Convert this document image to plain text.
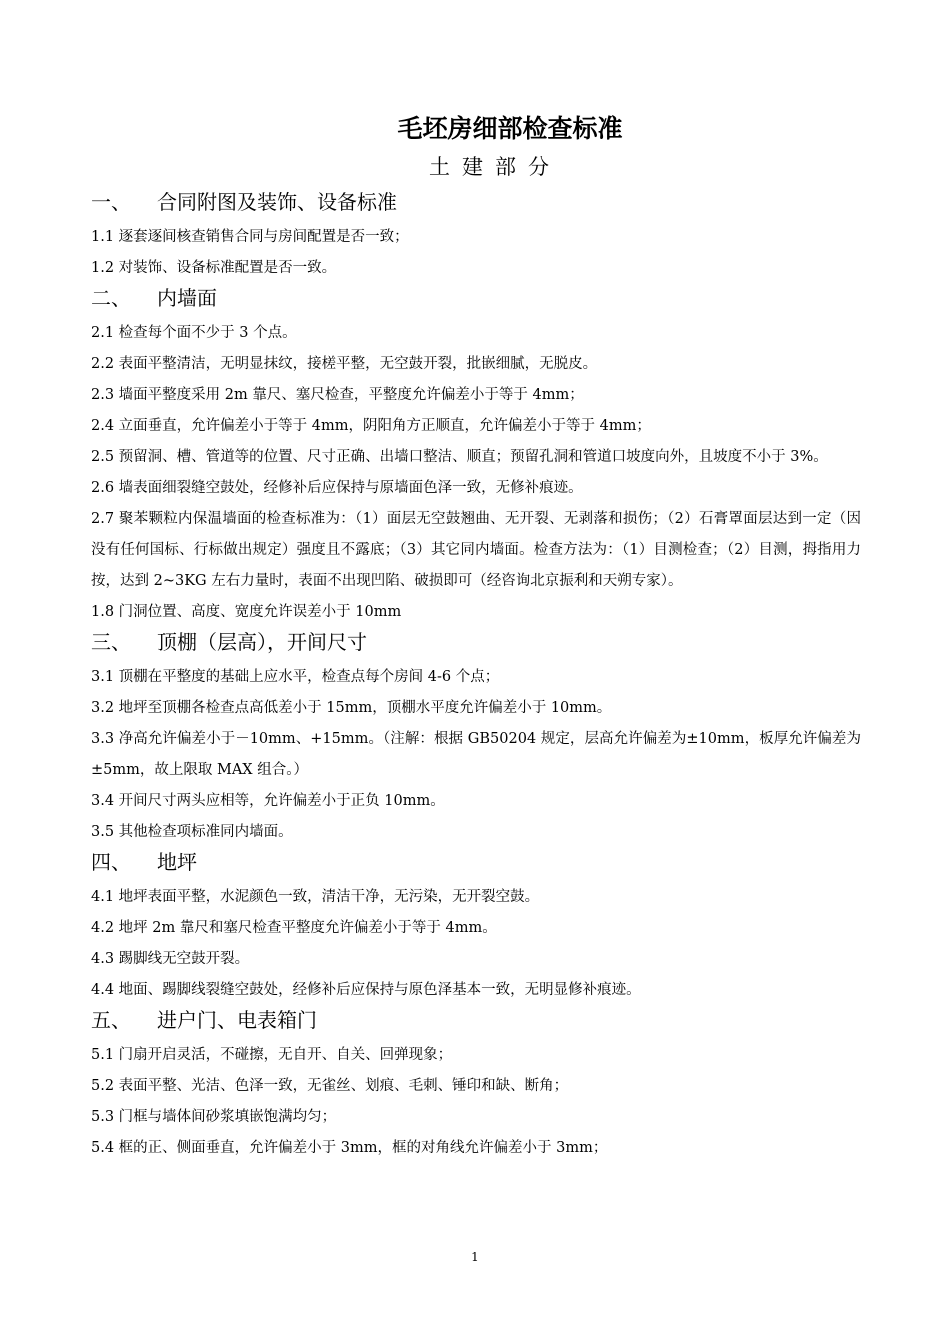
毛坯房细部检查标准
土建部分
一、 合同附图及装饰、设备标准

1.1 逐套逐间核查销售合同与房间配置是否一致；

1.2 对装饰、设备标准配置是否一致。

二、 内墙面

2.1 检查每个面不少于 3 个点。

2.2 表面平整清洁，无明显抹纹，接槎平整，无空鼓开裂，批嵌细腻，无脱皮。

2.3 墙面平整度采用 2m 靠尺、塞尺检查，平整度允许偏差小于等于 4mm；

2.4 立面垂直，允许偏差小于等于 4mm，阴阳角方正顺直，允许偏差小于等于 4mm；

2.5 预留洞、槽、管道等的位置、尺寸正确、出墙口整洁、顺直；预留孔洞和管道口坡度向外，且坡度不小于 3%。

2.6 墙表面细裂缝空鼓处，经修补后应保持与原墙面色泽一致，无修补痕迹。

2.7 聚苯颗粒内保温墙面的检查标准为：（1）面层无空鼓翘曲、无开裂、无剥落和损伤；（2）石膏罩面层达到一定（因没有任何国标、行标做出规定）强度且不露底；（3）其它同内墙面。检查方法为：（1）目测检查；（2）目测，拇指用力按，达到 2~3KG 左右力量时，表面不出现凹陷、破损即可（经咨询北京振利和天朔专家）。

1.8 门洞位置、高度、宽度允许误差小于 10mm

三、 顶棚（层高），开间尺寸

3.1 顶棚在平整度的基础上应水平，检查点每个房间 4-6 个点；

3.2 地坪至顶棚各检查点高低差小于 15mm，顶棚水平度允许偏差小于 10mm。

3.3 净高允许偏差小于－10mm、+15mm。（注解：根据 GB50204 规定，层高允许偏差为±10mm，板厚允许偏差为±5mm，故上限取 MAX 组合。）

3.4 开间尺寸两头应相等，允许偏差小于正负 10mm。

3.5 其他检查项标准同内墙面。

四、 地坪

4.1 地坪表面平整，水泥颜色一致，清洁干净，无污染，无开裂空鼓。

4.2 地坪 2m 靠尺和塞尺检查平整度允许偏差小于等于 4mm。

4.3 踢脚线无空鼓开裂。

4.4 地面、踢脚线裂缝空鼓处，经修补后应保持与原色泽基本一致，无明显修补痕迹。

五、 进户门、电表箱门

5.1 门扇开启灵活，不碰擦，无自开、自关、回弹现象；

5.2 表面平整、光洁、色泽一致，无雀丝、划痕、毛刺、锤印和缺、断角；

5.3 门框与墙体间砂浆填嵌饱满均匀；

5.4 框的正、侧面垂直，允许偏差小于 3mm，框的对角线允许偏差小于 3mm；

1
